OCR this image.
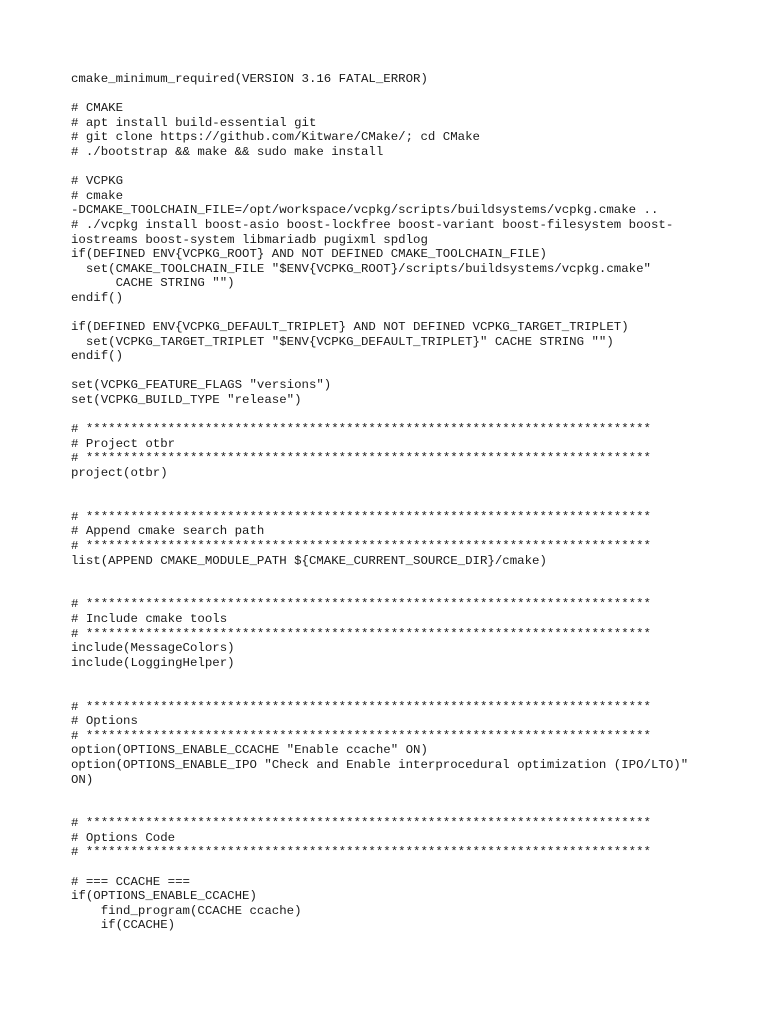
cmake_minimum_required(VERSION 3.16 FATAL_ERROR)
# CMAKE
# apt install build-essential git
# git clone https://github.com/Kitware/CMake/; cd CMake
# ./bootstrap && make && sudo make install
# VCPKG
# cmake
-DCMAKE_TOOLCHAIN_FILE=/opt/workspace/vcpkg/scripts/buildsystems/vcpkg.cmake ..
# ./vcpkg install boost-asio boost-lockfree boost-variant boost-filesystem boost-
iostreams boost-system libmariadb pugixml spdlog
if(DEFINED ENV{VCPKG_ROOT} AND NOT DEFINED CMAKE_TOOLCHAIN_FILE)
set(CMAKE_TOOLCHAIN_FILE "$ENV{VCPKG_ROOT}/scripts/buildsystems/vcpkg.cmake"
CACHE STRING "")
endif()
if(DEFINED ENV{VCPKG_DEFAULT_TRIPLET} AND NOT DEFINED VCPKG_TARGET_TRIPLET)
set(VCPKG_TARGET_TRIPLET "$ENV{VCPKG_DEFAULT_TRIPLET}" CACHE STRING "")
endif()
set(VCPKG_FEATURE_FLAGS "versions")
set(VCPKG_BUILD_TYPE "release")
# ****************************************************************************
# Project otbr
# ****************************************************************************
project(otbr)
# ****************************************************************************
# Append cmake search path
# ****************************************************************************
list(APPEND CMAKE_MODULE_PATH ${CMAKE_CURRENT_SOURCE_DIR}/cmake)
# ****************************************************************************
# Include cmake tools
# ****************************************************************************
include(MessageColors)
include(LoggingHelper)
# ****************************************************************************
# Options
# ****************************************************************************
option(OPTIONS_ENABLE_CCACHE "Enable ccache" ON)
option(OPTIONS_ENABLE_IPO "Check and Enable interprocedural optimization (IPO/LTO)"
ON)
# ****************************************************************************
# Options Code
# ****************************************************************************
# === CCACHE ===
if(OPTIONS_ENABLE_CCACHE)
find_program(CCACHE ccache)
if(CCACHE)
